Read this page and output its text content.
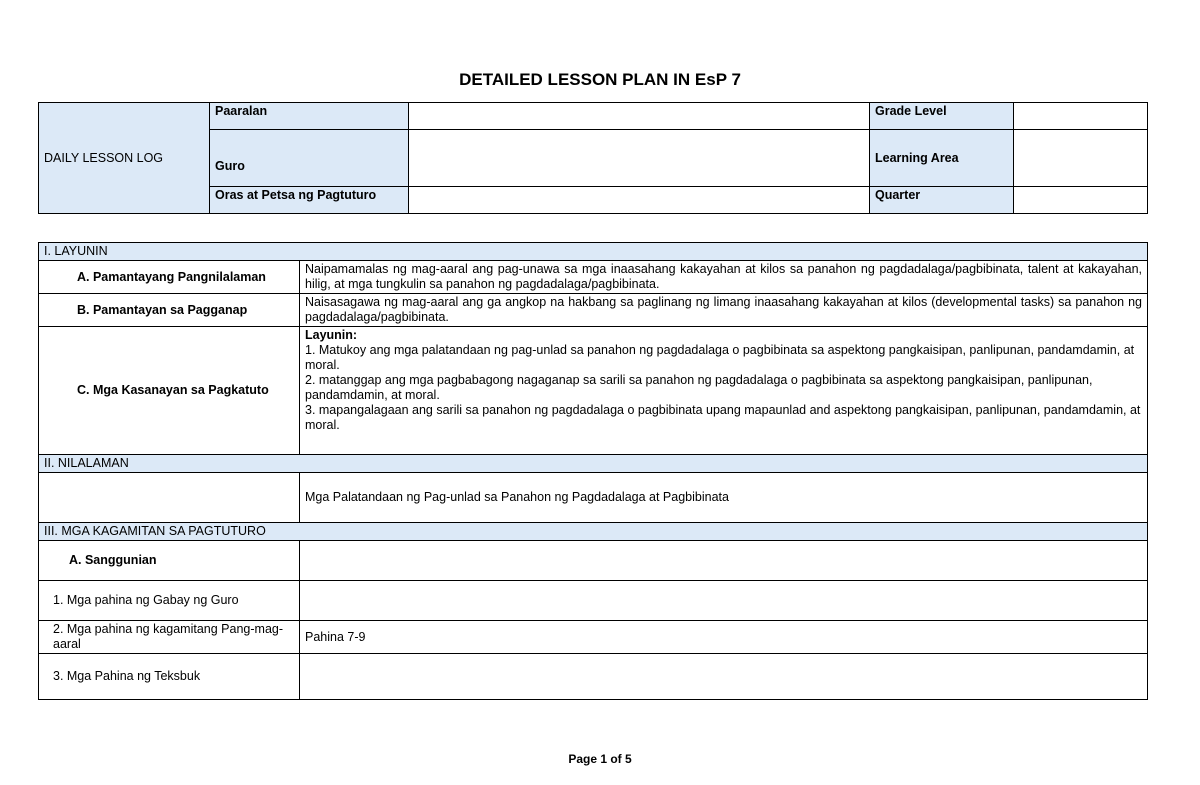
DETAILED LESSON PLAN IN EsP 7
DAILY LESSON LOG	Paaralan		Grade Level	
	Guro		Learning Area	
	Oras at Petsa ng Pagtuturo		Quarter	
I. LAYUNIN	
A. Pamantayang Pangnilalaman	Naipamamalas ng mag-aaral ang pag-unawa sa mga inaasahang kakayahan at kilos sa panahon ng pagdadalaga/pagbibinata, talent at kakayahan, hilig, at mga tungkulin sa panahon ng pagdadalaga/pagbibinata.
B. Pamantayan sa Pagganap	Naisasagawa ng mag-aaral ang ga angkop na hakbang sa paglinang ng limang inaasahang kakayahan at kilos (developmental tasks) sa panahon ng pagdadalaga/pagbibinata.
C. Mga Kasanayan sa Pagkatuto	Layunin:
1. Matukoy ang mga palatandaan ng pag-unlad sa panahon ng pagdadalaga o pagbibinata sa aspektong pangkaisipan, panlipunan, pandamdamin, at moral.
2. matanggap ang mga pagbabagong nagaganap sa sarili sa panahon ng pagdadalaga o pagbibinata sa aspektong pangkaisipan, panlipunan, pandamdamin, at moral.
3. mapangalagaan ang sarili sa panahon ng pagdadalaga o pagbibinata upang mapaunlad and aspektong pangkaisipan, panlipunan, pandamdamin, at moral.

II. NILALAMAN	
	Mga Palatandaan ng Pag-unlad sa Panahon ng Pagdadalaga at Pagbibinata
III. MGA KAGAMITAN SA PAGTUTURO	
A. Sanggunian	
1. Mga pahina ng Gabay ng Guro	
2. Mga pahina ng kagamitang Pang-mag-aaral	Pahina 7-9
3. Mga Pahina ng Teksbuk	
Page 1 of 5
